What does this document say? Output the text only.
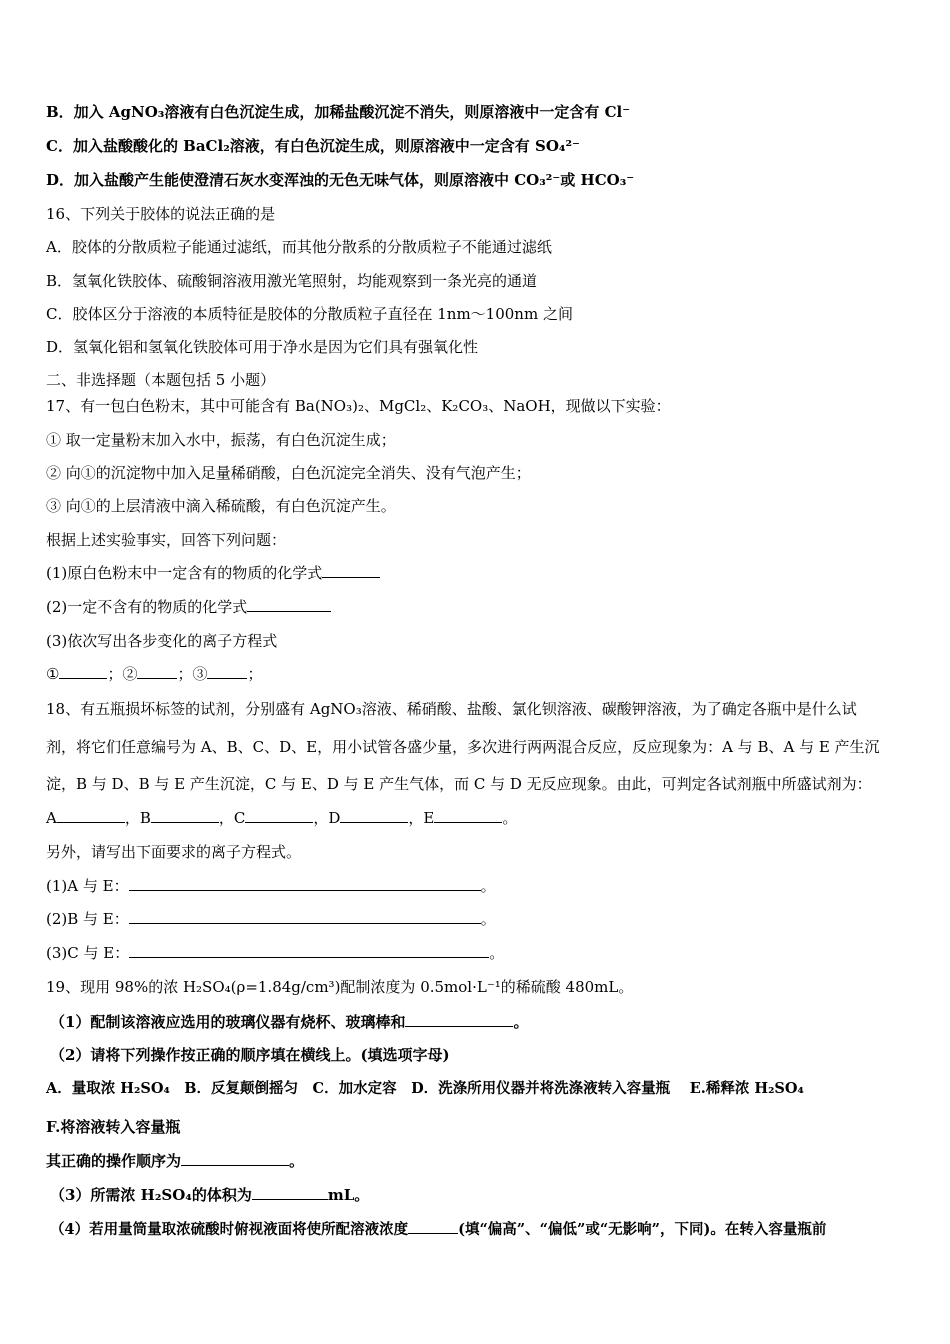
B．加入 AgNO₃溶液有白色沉淀生成，加稀盐酸沉淀不消失，则原溶液中一定含有 Cl⁻
C．加入盐酸酸化的 BaCl₂溶液，有白色沉淀生成，则原溶液中一定含有 SO₄²⁻
D．加入盐酸产生能使澄清石灰水变浑浊的无色无味气体，则原溶液中 CO₃²⁻或 HCO₃⁻
16、下列关于胶体的说法正确的是
A．胶体的分散质粒子能通过滤纸，而其他分散系的分散质粒子不能通过滤纸
B．氢氧化铁胶体、硫酸铜溶液用激光笔照射，均能观察到一条光亮的通道
C．胶体区分于溶液的本质特征是胶体的分散质粒子直径在 1nm～100nm 之间
D．氢氧化铝和氢氧化铁胶体可用于净水是因为它们具有强氧化性
二、非选择题（本题包括 5 小题）
17、有一包白色粉末，其中可能含有 Ba(NO₃)₂、MgCl₂、K₂CO₃、NaOH，现做以下实验：
① 取一定量粉末加入水中，振荡，有白色沉淀生成；
② 向①的沉淀物中加入足量稀硝酸，白色沉淀完全消失、没有气泡产生；
③ 向①的上层清液中滴入稀硫酸，有白色沉淀产生。
根据上述实验事实，回答下列问题：
(1)原白色粉末中一定含有的物质的化学式
(2)一定不含有的物质的化学式
(3)依次写出各步变化的离子方程式
①	；②	；③	；
18、有五瓶损坏标签的试剂，分别盛有 AgNO₃溶液、稀硝酸、盐酸、氯化钡溶液、碳酸钾溶液，为了确定各瓶中是什么试
剂，将它们任意编号为 A、B、C、D、E，用小试管各盛少量，多次进行两两混合反应，反应现象为：A 与 B、A 与 E 产生沉
淀，B 与 D、B 与 E 产生沉淀，C 与 E、D 与 E 产生气体，而 C 与 D 无反应现象。由此，可判定各试剂瓶中所盛试剂为：
A	，B	，C	，D	，E	。
另外，请写出下面要求的离子方程式。
(1)A 与 E：	。
(2)B 与 E：	。
(3)C 与 E：	。
19、现用 98%的浓 H₂SO₄(ρ=1.84g/cm³)配制浓度为 0.5mol·L⁻¹的稀硫酸 480mL。
（1）配制该溶液应选用的玻璃仪器有烧杯、玻璃棒和	。
（2）请将下列操作按正确的顺序填在横线上。(填选项字母)
A．量取浓 H₂SO₄　B．反复颠倒摇匀　C．加水定容　D．洗涤所用仪器并将洗涤液转入容量瓶　 E.稀释浓 H₂SO₄
F.将溶液转入容量瓶
其正确的操作顺序为	。
（3）所需浓 H₂SO₄的体积为	mL。
（4）若用量筒量取浓硫酸时俯视液面将使所配溶液浓度	(填“偏高”、“偏低”或“无影响”，下同)。在转入容量瓶前
